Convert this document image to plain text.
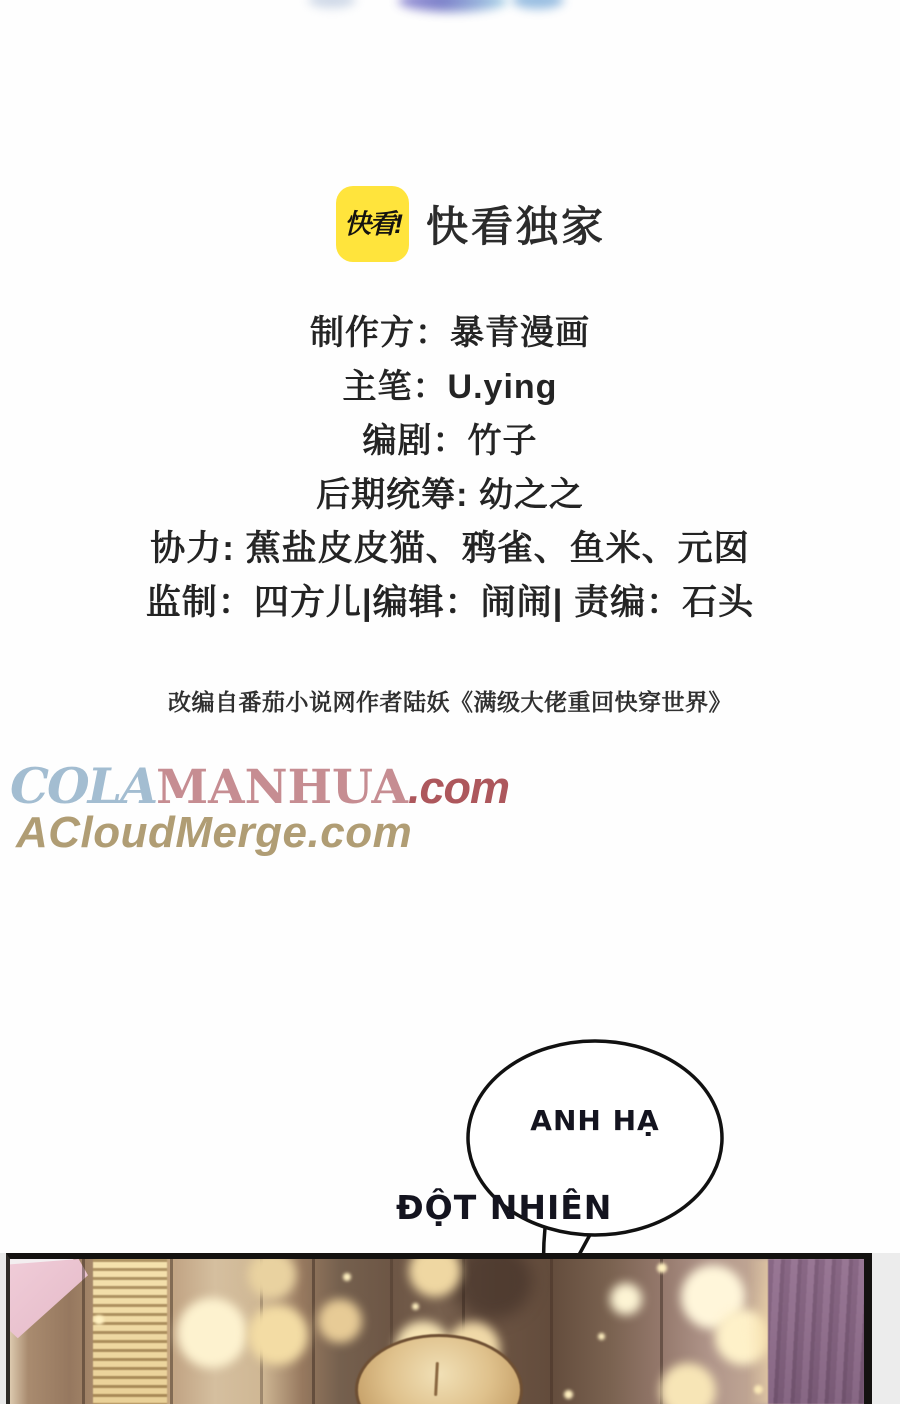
快看! 快看独家
制作方：暴青漫画
主笔：U.ying
编剧：竹子
后期统筹: 幼之之
协力: 蕉盐皮皮猫、鸦雀、鱼米、元囡
监制：四方儿|编辑：闹闹| 责编：石头
改编自番茄小说网作者陆妖《满级大佬重回快穿世界》
COLAMANHUA.com
ACloudMerge.com
ANH HẠ
ĐỘT NHIÊN
